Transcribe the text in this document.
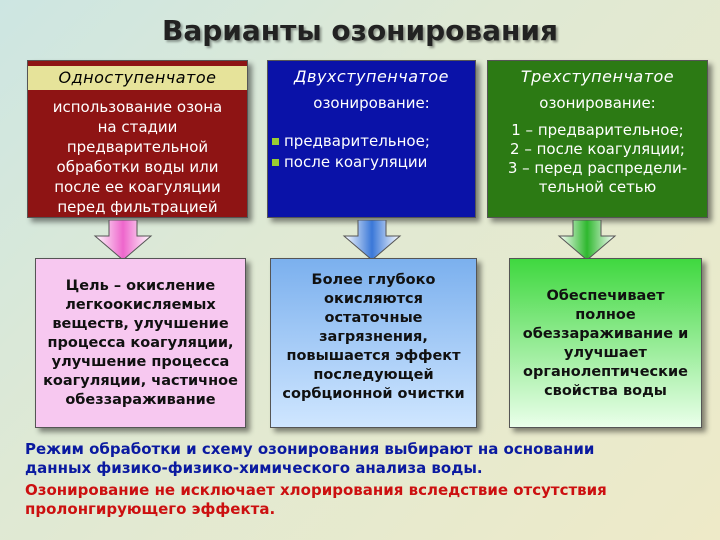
Варианты озонирования
Одноступенчатое
использование озона
на стадии
предварительной
обработки воды или
после ее коагуляции
перед фильтрацией
Двухступенчатое
озонирование:
предварительное;
после коагуляции
Трехступенчатое
озонирование:
1 – предварительное;
2 – после коагуляции;
3 – перед распредели-
тельной сетью
Цель – окисление
легкоокисляемых
веществ, улучшение
процесса коагуляции,
улучшение процесса
коагуляции, частичное
обеззараживание
Более глубоко
окисляются
остаточные
загрязнения,
повышается эффект
последующей
сорбционной очистки
Обеспечивает
полное
обеззараживание и
улучшает
органолептические
свойства воды
Режим обработки и схему озонирования выбирают на основании
данных физико-физико-химического анализа воды.
Озонирование не исключает хлорирования вследствие отсутствия
пролонгирующего эффекта.
